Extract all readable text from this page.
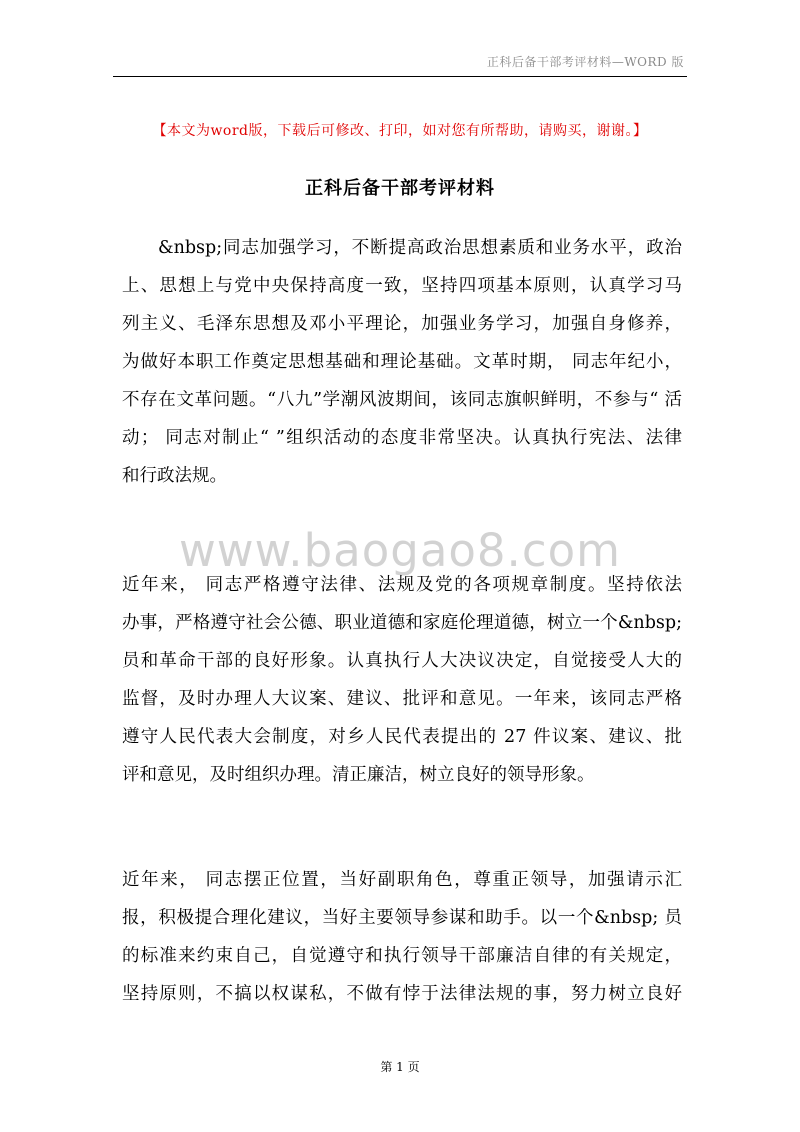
正科后备干部考评材料—WORD 版
【本文为word版，下载后可修改、打印，如对您有所帮助，请购买，谢谢。】
正科后备干部考评材料
&nbsp;同志加强学习，不断提高政治思想素质和业务水平，政治
上、思想上与党中央保持高度一致，坚持四项基本原则，认真学习马
列主义、毛泽东思想及邓小平理论，加强业务学习，加强自身修养，
为做好本职工作奠定思想基础和理论基础。文革时期， 同志年纪小，
不存在文革问题。“八九”学潮风波期间，该同志旗帜鲜明，不参与“ 活
动； 同志对制止“ ”组织活动的态度非常坚决。认真执行宪法、法律
和行政法规。
www.baogao8.com
近年来， 同志严格遵守法律、法规及党的各项规章制度。坚持依法
办事，严格遵守社会公德、职业道德和家庭伦理道德，树立一个&nbsp;
员和革命干部的良好形象。认真执行人大决议决定，自觉接受人大的
监督，及时办理人大议案、建议、批评和意见。一年来，该同志严格
遵守人民代表大会制度，对乡人民代表提出的 27 件议案、建议、批
评和意见，及时组织办理。清正廉洁，树立良好的领导形象。
近年来， 同志摆正位置，当好副职角色，尊重正领导，加强请示汇
报，积极提合理化建议，当好主要领导参谋和助手。以一个&nbsp; 员
的标准来约束自己，自觉遵守和执行领导干部廉洁自律的有关规定，
坚持原则，不搞以权谋私，不做有悖于法律法规的事，努力树立良好
第 1 页
